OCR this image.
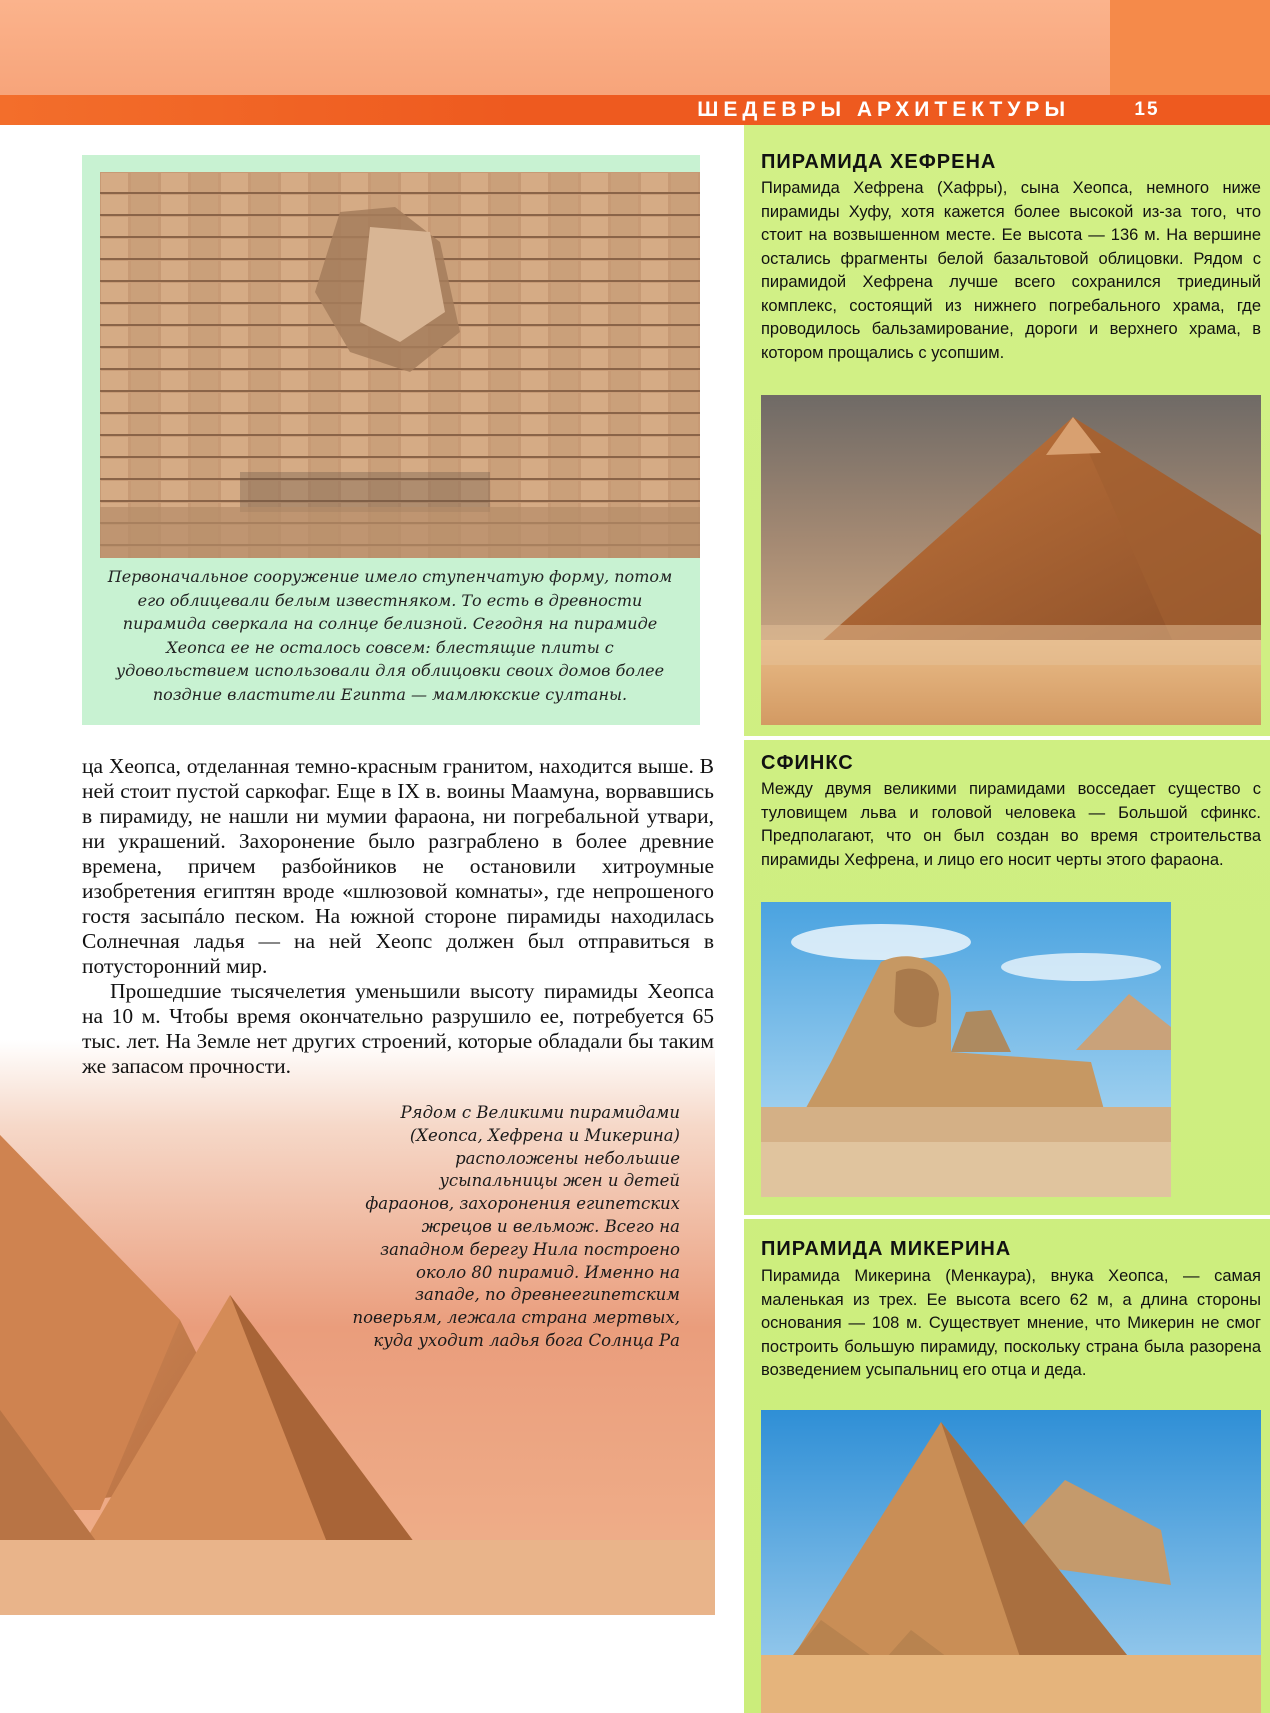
ШЕДЕВРЫ АРХИТЕКТУРЫ	15
ПИРАМИДА ХЕФРЕНА
Пирамида Хефрена (Хафры), сына Хеопса, немного ниже пирамиды Хуфу, хотя кажется более высокой из-за того, что стоит на возвышенном месте. Ее высота — 136 м. На вершине остались фрагменты белой базальтовой облицовки. Рядом с пирамидой Хефрена лучше всего сохранился триединый комплекс, состоящий из нижнего погребального храма, где проводилось бальзамирование, дороги и верхнего храма, в котором прощались с усопшим.
СФИНКС
Между двумя великими пирамидами восседает существо с туловищем льва и головой человека — Большой сфинкс. Предполагают, что он был создан во время строительства пирамиды Хефрена, и лицо его носит черты этого фараона.
ПИРАМИДА МИКЕРИНА
Пирамида Микерина (Менкаура), внука Хеопса, — самая маленькая из трех. Ее высота всего 62 м, а длина стороны основания — 108 м. Существует мнение, что Микерин не смог построить большую пирамиду, поскольку страна была разорена возведением усыпальниц его отца и деда.
Первоначальное сооружение имело ступенчатую форму, потом его облицевали белым известняком. То есть в древности пирамида сверкала на солнце белизной. Сегодня на пирамиде Хеопса ее не осталось совсем: блестящие плиты с удовольствием использовали для облицовки своих домов более поздние властители Египта — мамлюкские султаны.

ца Хеопса, отделанная темно-красным гранитом, находится выше. В ней стоит пустой саркофаг. Еще в IX в. воины Маамуна, ворвавшись в пирамиду, не нашли ни мумии фараона, ни погребальной утвари, ни украшений. Захоронение было разграблено в более древние времена, причем разбойников не остановили хитроумные изобретения египтян вроде «шлюзовой комнаты», где непрошеного гостя засыпáло песком. На южной стороне пирамиды находилась Солнечная ладья — на ней Хеопс должен был отправиться в потусторонний мир.

Прошедшие тысячелетия уменьшили высоту пирамиды Хеопса на 10 м. Чтобы время окончательно разрушило ее, потребуется 65 тыс. лет. На Земле нет других строений, которые обладали бы таким же запасом прочности.

Рядом с Великими пирамидами (Хеопса, Хефрена и Микерина) расположены небольшие усыпальницы жен и детей фараонов, захоронения египетских жрецов и вельмож. Всего на западном берегу Нила построено около 80 пирамид. Именно на западе, по древнеегипетским поверьям, лежала страна мертвых, куда уходит ладья бога Солнца Ра
